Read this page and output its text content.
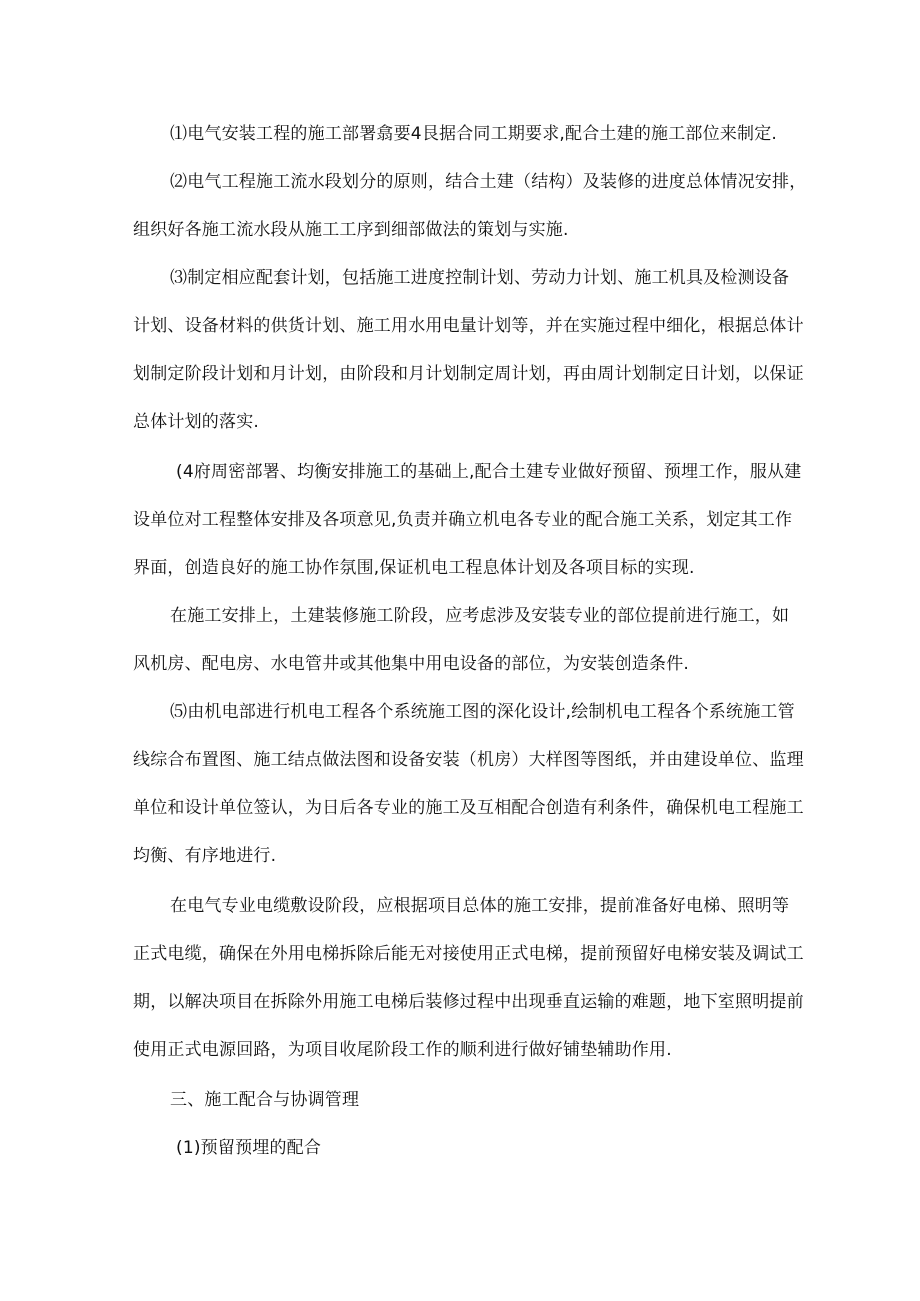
⑴电气安装工程的施工部署翕要4艮据合同工期要求,配合土建的施工部位来制定.
⑵电气工程施工流水段划分的原则，结合土建（结构）及装修的进度总体情况安排，
组织好各施工流水段从施工工序到细部做法的策划与实施.
⑶制定相应配套计划，包括施工进度控制计划、劳动力计划、施工机具及检测设备
计划、设备材料的供货计划、施工用水用电量计划等，并在实施过程中细化，根据总体计
划制定阶段计划和月计划，由阶段和月计划制定周计划，再由周计划制定日计划，以保证
总体计划的落实.
(4府周密部署、均衡安排施工的基础上,配合土建专业做好预留、预埋工作，服从建
设单位对工程整体安排及各项意见,负责并确立机电各专业的配合施工关系，划定其工作
界面，创造良好的施工协作氛围,保证机电工程息体计划及各项目标的实现.
在施工安排上，土建装修施工阶段，应考虑涉及安装专业的部位提前进行施工，如
风机房、配电房、水电管井或其他集中用电设备的部位，为安装创造条件.
⑸由机电部进行机电工程各个系统施工图的深化设计,绘制机电工程各个系统施工管
线综合布置图、施工结点做法图和设备安装（机房）大样图等图纸，并由建设单位、监理
单位和设计单位签认，为日后各专业的施工及互相配合创造有利条件，确保机电工程施工
均衡、有序地进行.
在电气专业电缆敷设阶段，应根据项目总体的施工安排，提前准备好电梯、照明等
正式电缆，确保在外用电梯拆除后能无对接使用正式电梯，提前预留好电梯安装及调试工
期，以解决项目在拆除外用施工电梯后装修过程中出现垂直运输的难题，地下室照明提前
使用正式电源回路，为项目收尾阶段工作的顺利进行做好铺垫辅助作用.
三、施工配合与协调管理
(1)预留预埋的配合
